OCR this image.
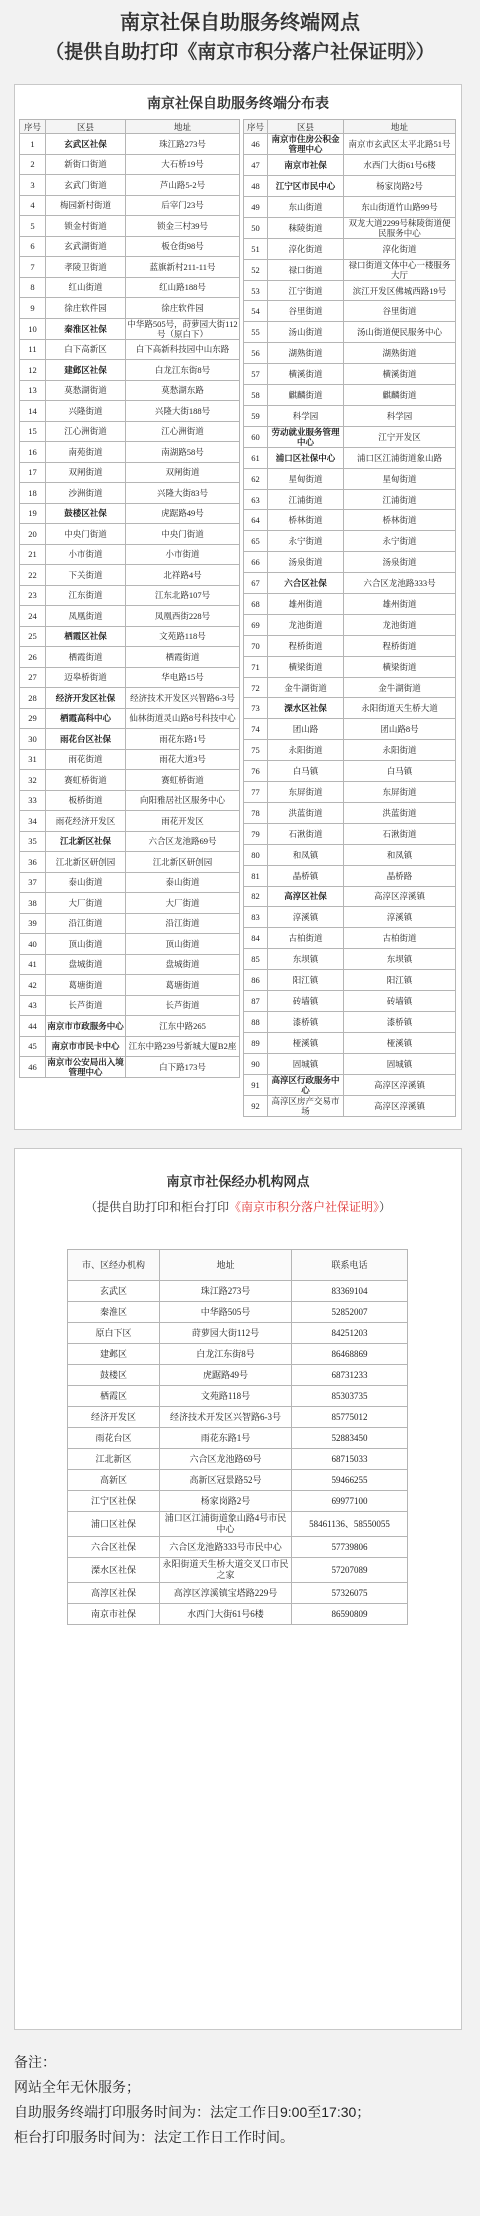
南京社保自助服务终端网点
（提供自助打印《南京市积分落户社保证明》）
南京社保自助服务终端分布表
序号	区县	地址
1	玄武区社保	珠江路273号
2	新街口街道	大石桥19号
3	玄武门街道	芦山路5-2号
4	梅园新村街道	后宰门23号
5	锁金村街道	锁金三村39号
6	玄武湖街道	板仓街98号
7	孝陵卫街道	蓝旗新村211-11号
8	红山街道	红山路188号
9	徐庄软件园	徐庄软件园
10	秦淮区社保	中华路505号，莳萝园大街112号（原白下）
11	白下高新区	白下高新科技园中山东路
12	建邺区社保	白龙江东街8号
13	莫愁湖街道	莫愁湖东路
14	兴隆街道	兴隆大街188号
15	江心洲街道	江心洲街道
16	南苑街道	南湖路58号
17	双闸街道	双闸街道
18	沙洲街道	兴隆大街83号
19	鼓楼区社保	虎踞路49号
20	中央门街道	中央门街道
21	小市街道	小市街道
22	下关街道	北祥路4号
23	江东街道	江东北路107号
24	凤凰街道	凤凰西街228号
25	栖霞区社保	文苑路118号
26	栖霞街道	栖霞街道
27	迈皋桥街道	华电路15号
28	经济开发区社保	经济技术开发区兴智路6-3号
29	栖霞高科中心	仙林街道灵山路8号科技中心
30	雨花台区社保	雨花东路1号
31	雨花街道	雨花大道3号
32	赛虹桥街道	赛虹桥街道
33	板桥街道	向阳雅居社区服务中心
34	雨花经济开发区	雨花开发区
35	江北新区社保	六合区龙池路69号
36	江北新区研创园	江北新区研创园
37	泰山街道	泰山街道
38	大厂街道	大厂街道
39	沿江街道	沿江街道
40	顶山街道	顶山街道
41	盘城街道	盘城街道
42	葛塘街道	葛塘街道
43	长芦街道	长芦街道
44	南京市市政服务中心	江东中路265
45	南京市市民卡中心	江东中路239号新城大厦B2座
46	南京市公安局出入境管理中心	白下路173号
序号	区县	地址
46	南京市住房公积金管理中心	南京市玄武区太平北路51号
47	南京市社保	水西门大街61号6楼
48	江宁区市民中心	杨家岗路2号
49	东山街道	东山街道竹山路99号
50	秣陵街道	双龙大道2299号秣陵街道便民服务中心
51	淳化街道	淳化街道
52	禄口街道	禄口街道文体中心一楼服务大厅
53	江宁街道	滨江开发区佛城西路19号
54	谷里街道	谷里街道
55	汤山街道	汤山街道便民服务中心
56	湖熟街道	湖熟街道
57	横溪街道	横溪街道
58	麒麟街道	麒麟街道
59	科学园	科学园
60	劳动就业服务管理中心	江宁开发区
61	浦口区社保中心	浦口区江浦街道象山路
62	星甸街道	星甸街道
63	江浦街道	江浦街道
64	桥林街道	桥林街道
65	永宁街道	永宁街道
66	汤泉街道	汤泉街道
67	六合区社保	六合区龙池路333号
68	雄州街道	雄州街道
69	龙池街道	龙池街道
70	程桥街道	程桥街道
71	横梁街道	横梁街道
72	金牛湖街道	金牛湖街道
73	溧水区社保	永阳街道天生桥大道
74	团山路	团山路8号
75	永阳街道	永阳街道
76	白马镇	白马镇
77	东屏街道	东屏街道
78	洪蓝街道	洪蓝街道
79	石湫街道	石湫街道
80	和凤镇	和凤镇
81	晶桥镇	晶桥路
82	高淳区社保	高淳区淳溪镇
83	淳溪镇	淳溪镇
84	古柏街道	古柏街道
85	东坝镇	东坝镇
86	阳江镇	阳江镇
87	砖墙镇	砖墙镇
88	漆桥镇	漆桥镇
89	桠溪镇	桠溪镇
90	固城镇	固城镇
91	高淳区行政服务中心	高淳区淳溪镇
92	高淳区房产交易市场	高淳区淳溪镇
南京市社保经办机构网点
（提供自助打印和柜台打印《南京市积分落户社保证明》）
市、区经办机构	地址	联系电话
玄武区	珠江路273号	83369104
秦淮区	中华路505号	52852007
原白下区	莳萝园大街112号	84251203
建邺区	白龙江东街8号	86468869
鼓楼区	虎踞路49号	68731233
栖霞区	文苑路118号	85303735
经济开发区	经济技术开发区兴智路6-3号	85775012
雨花台区	雨花东路1号	52883450
江北新区	六合区龙池路69号	68715033
高新区	高新区冠景路52号	59466255
江宁区社保	杨家岗路2号	69977100
浦口区社保	浦口区江浦街道象山路4号市民中心	58461136、58550055
六合区社保	六合区龙池路333号市民中心	57739806
溧水区社保	永阳街道天生桥大道交叉口市民之家	57207089
高淳区社保	高淳区淳溪镇宝塔路229号	57326075
南京市社保	水西门大街61号6楼	86590809
备注：
网站全年无休服务；
自助服务终端打印服务时间为：法定工作日9:00至17:30；
柜台打印服务时间为：法定工作日工作时间。
